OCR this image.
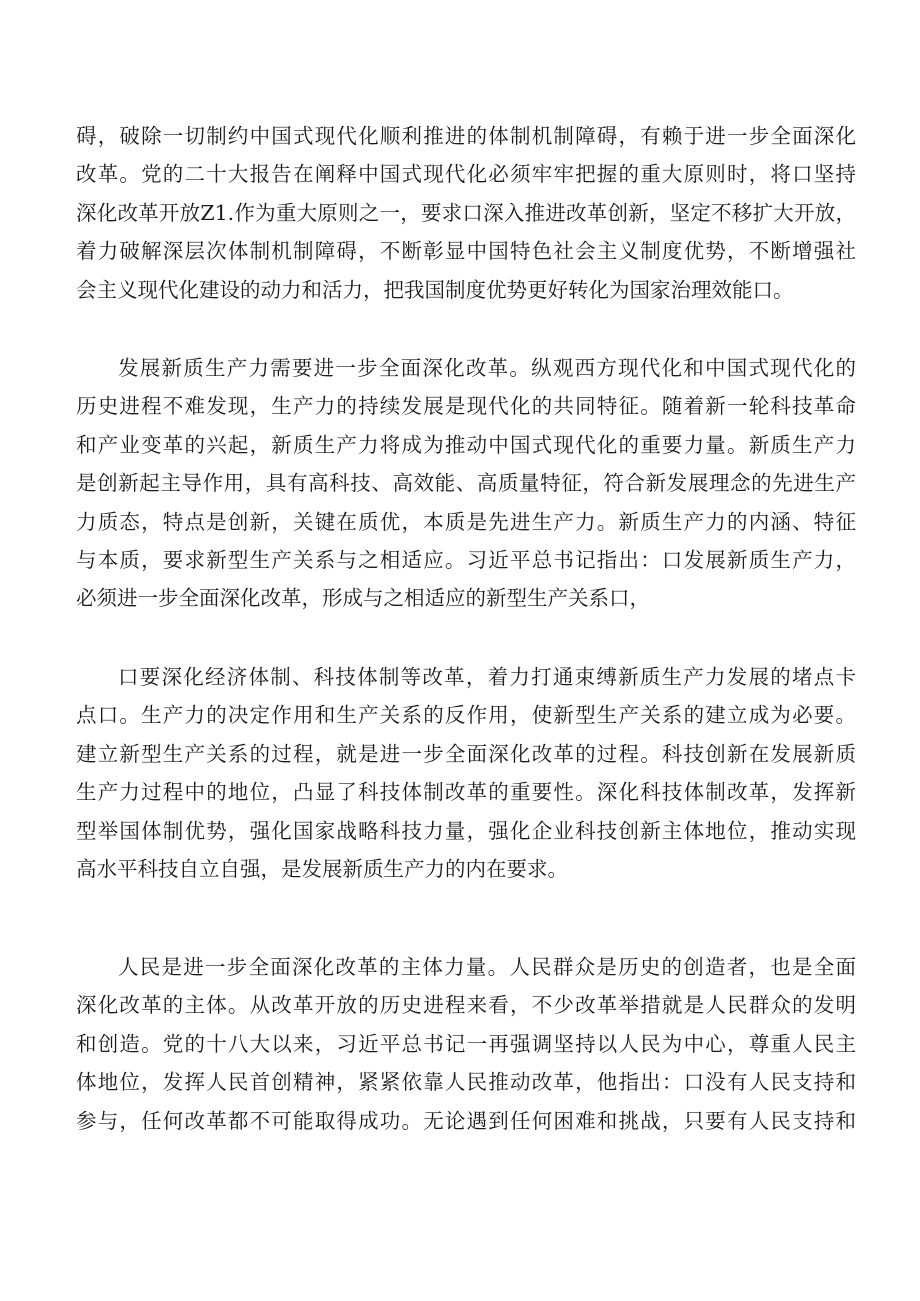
碍，破除一切制约中国式现代化顺利推进的体制机制障碍，有赖于进一步全面深化
改革。党的二十大报告在阐释中国式现代化必须牢牢把握的重大原则时，将口坚持
深化改革开放Z1.作为重大原则之一，要求口深入推进改革创新，坚定不移扩大开放，
着力破解深层次体制机制障碍，不断彰显中国特色社会主义制度优势，不断增强社
会主义现代化建设的动力和活力，把我国制度优势更好转化为国家治理效能口。
发展新质生产力需要进一步全面深化改革。纵观西方现代化和中国式现代化的
历史进程不难发现，生产力的持续发展是现代化的共同特征。随着新一轮科技革命
和产业变革的兴起，新质生产力将成为推动中国式现代化的重要力量。新质生产力
是创新起主导作用，具有高科技、高效能、高质量特征，符合新发展理念的先进生产
力质态，特点是创新，关键在质优，本质是先进生产力。新质生产力的内涵、特征
与本质，要求新型生产关系与之相适应。习近平总书记指出：口发展新质生产力，
必须进一步全面深化改革，形成与之相适应的新型生产关系口，
口要深化经济体制、科技体制等改革，着力打通束缚新质生产力发展的堵点卡
点口。生产力的决定作用和生产关系的反作用，使新型生产关系的建立成为必要。
建立新型生产关系的过程，就是进一步全面深化改革的过程。科技创新在发展新质
生产力过程中的地位，凸显了科技体制改革的重要性。深化科技体制改革，发挥新
型举国体制优势，强化国家战略科技力量，强化企业科技创新主体地位，推动实现
高水平科技自立自强，是发展新质生产力的内在要求。
人民是进一步全面深化改革的主体力量。人民群众是历史的创造者，也是全面
深化改革的主体。从改革开放的历史进程来看，不少改革举措就是人民群众的发明
和创造。党的十八大以来，习近平总书记一再强调坚持以人民为中心，尊重人民主
体地位，发挥人民首创精神，紧紧依靠人民推动改革，他指出：口没有人民支持和
参与，任何改革都不可能取得成功。无论遇到任何困难和挑战，只要有人民支持和
